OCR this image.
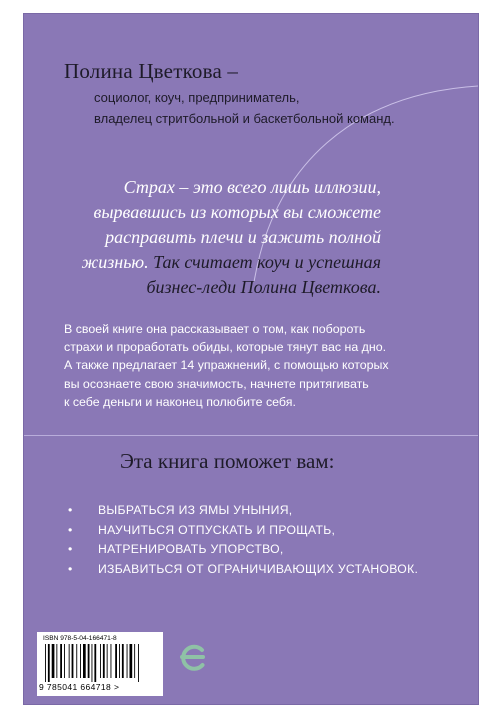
Полина Цветкова –
социолог, коуч, предприниматель,
владелец стритбольной и баскетбольной команд.
Страх – это всего лишь иллюзии,
вырвавшись из которых вы сможете
расправить плечи и зажить полной
жизнью. Так считает коуч и успешная
бизнес-леди Полина Цветкова.
В своей книге она рассказывает о том, как побороть
страхи и проработать обиды, которые тянут вас на дно.
А также предлагает 14 упражнений, с помощью которых
вы осознаете свою значимость, начнете притягивать
к себе деньги и наконец полюбите себя.
Эта книга поможет вам:
• ВЫБРАТЬСЯ ИЗ ЯМЫ УНЫНИЯ,
• НАУЧИТЬСЯ ОТПУСКАТЬ И ПРОЩАТЬ,
• НАТРЕНИРОВАТЬ УПОРСТВО,
• ИЗБАВИТЬСЯ ОТ ОГРАНИЧИВАЮЩИХ УСТАНОВОК.
ISBN 978-5-04-166471-8
9 785041 664718 >
